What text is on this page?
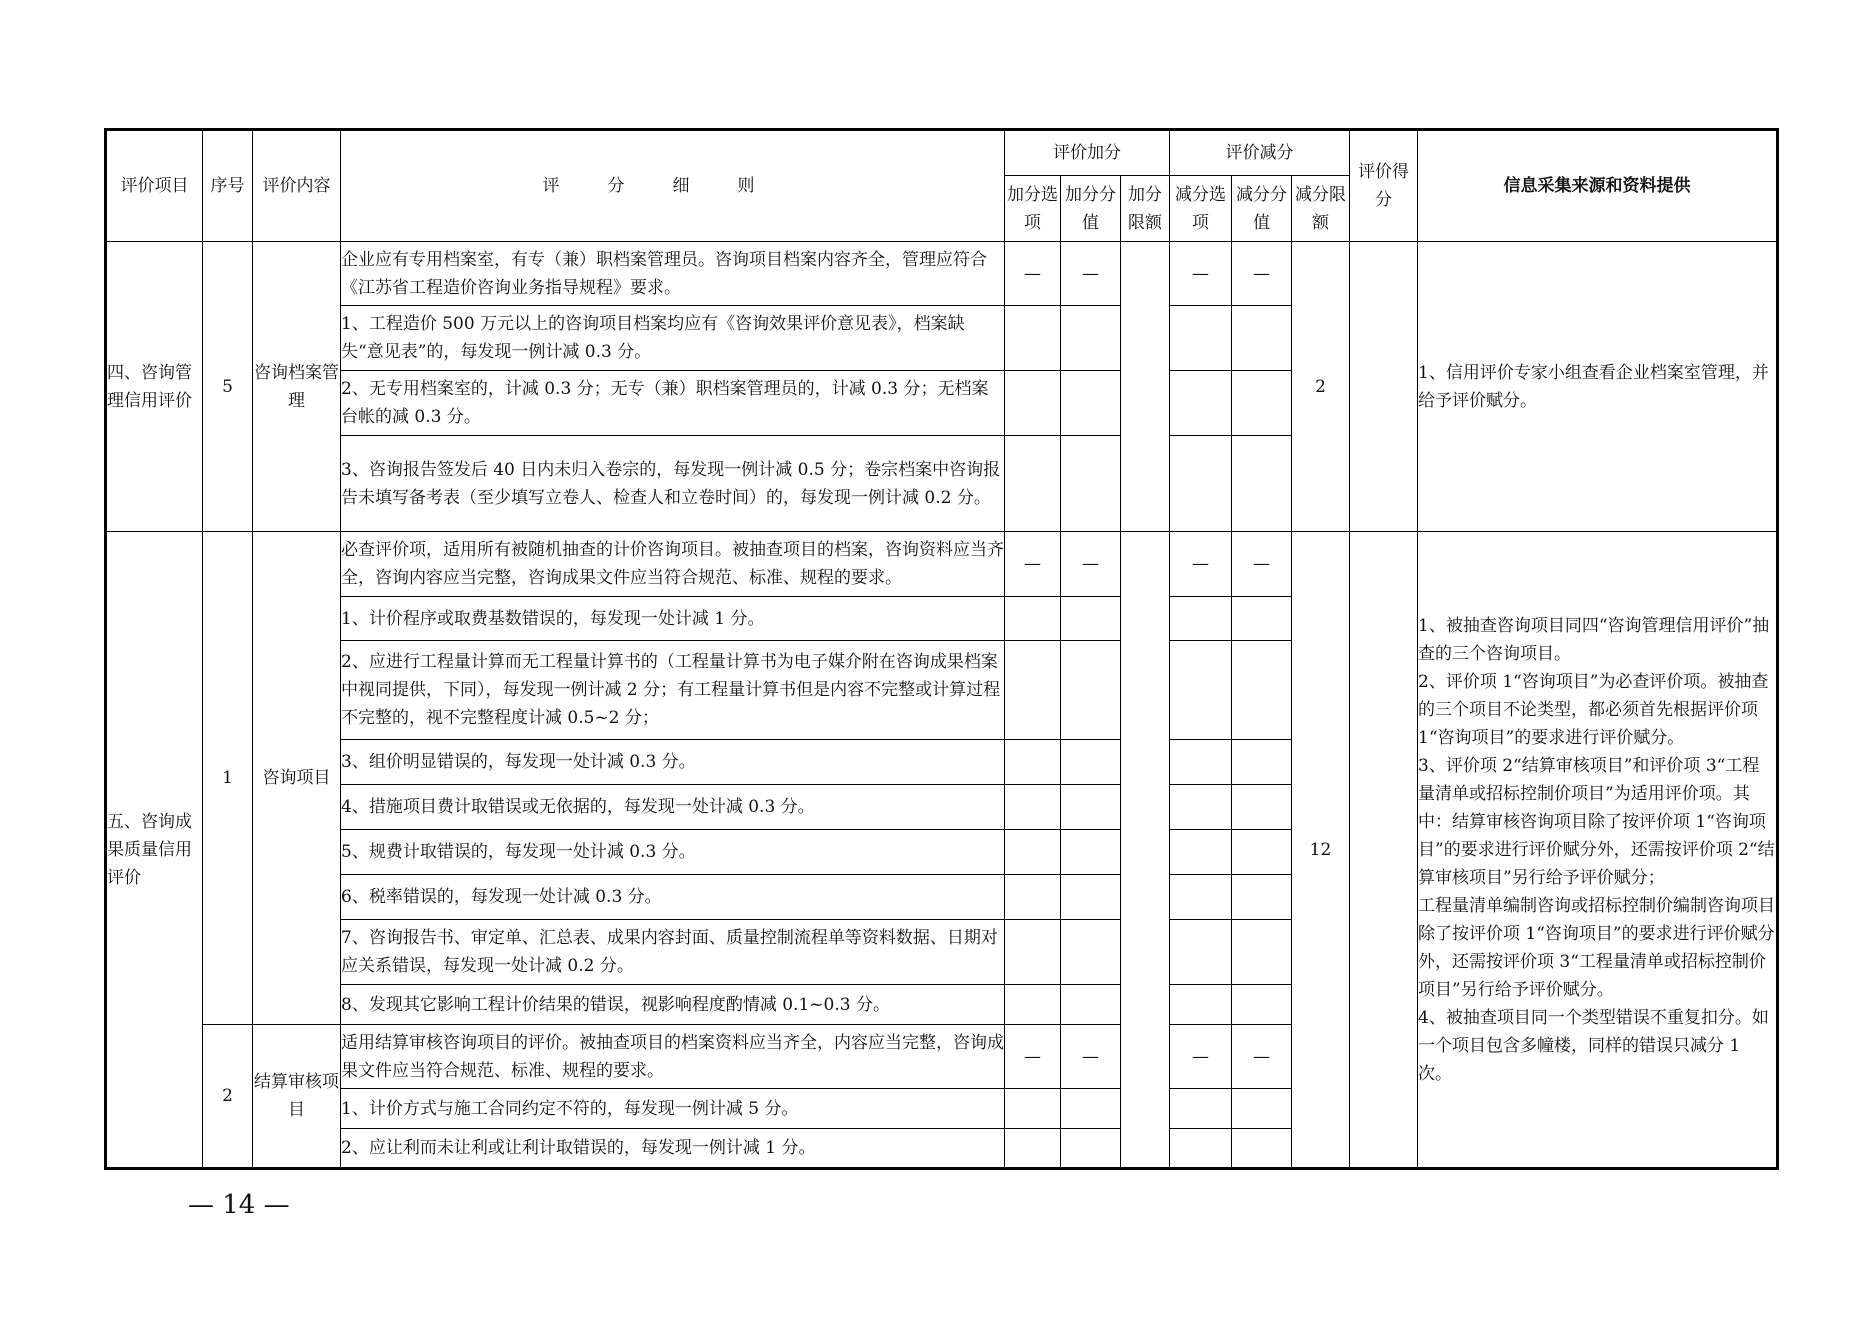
评价项目	序号	评价内容	评分细则	评价加分			评价减分			评价得分	信息采集来源和资料提供
				加分选项	加分分值	加分限额	减分选项	减分分值	减分限额		
四、咨询管理信用评价	5	咨询档案管理	企业应有专用档案室，有专（兼）职档案管理员。咨询项目档案内容齐全，管理应符合《江苏省工程造价咨询业务指导规程》要求。	—	—		—	—	2		1、信用评价专家小组查看企业档案室管理，并给予评价赋分。
			1、工程造价 500 万元以上的咨询项目档案均应有《咨询效果评价意见表》，档案缺失“意见表”的，每发现一例计减 0.3 分。								
			2、无专用档案室的，计减 0.3 分；无专（兼）职档案管理员的，计减 0.3 分；无档案台帐的减 0.3 分。								
			3、咨询报告签发后 40 日内未归入卷宗的，每发现一例计减 0.5 分；卷宗档案中咨询报告未填写备考表（至少填写立卷人、检查人和立卷时间）的，每发现一例计减 0.2 分。								
五、咨询成果质量信用评价	1	咨询项目	必查评价项，适用所有被随机抽查的计价咨询项目。被抽查项目的档案，咨询资料应当齐全，咨询内容应当完整，咨询成果文件应当符合规范、标准、规程的要求。	—	—		—	—	12		1、被抽查咨询项目同四“咨询管理信用评价”抽查的三个咨询项目。
2、评价项 1“咨询项目”为必查评价项。被抽查的三个项目不论类型，都必须首先根据评价项 1“咨询项目”的要求进行评价赋分。
3、评价项 2“结算审核项目”和评价项 3“工程量清单或招标控制价项目”为适用评价项。其中：结算审核咨询项目除了按评价项 1“咨询项目”的要求进行评价赋分外，还需按评价项 2“结算审核项目”另行给予评价赋分；
工程量清单编制咨询或招标控制价编制咨询项目除了按评价项 1“咨询项目”的要求进行评价赋分外，还需按评价项 3“工程量清单或招标控制价项目”另行给予评价赋分。
4、被抽查项目同一个类型错误不重复扣分。如一个项目包含多幢楼，同样的错误只减分 1 次。

			1、计价程序或取费基数错误的，每发现一处计减 1 分。								
			2、应进行工程量计算而无工程量计算书的（工程量计算书为电子媒介附在咨询成果档案中视同提供，下同），每发现一例计减 2 分；有工程量计算书但是内容不完整或计算过程不完整的，视不完整程度计减 0.5~2 分；								
			3、组价明显错误的，每发现一处计减 0.3 分。								
			4、措施项目费计取错误或无依据的，每发现一处计减 0.3 分。								
			5、规费计取错误的，每发现一处计减 0.3 分。								
			6、税率错误的，每发现一处计减 0.3 分。								
			7、咨询报告书、审定单、汇总表、成果内容封面、质量控制流程单等资料数据、日期对应关系错误，每发现一处计减 0.2 分。								
			8、发现其它影响工程计价结果的错误，视影响程度酌情减 0.1~0.3 分。								
	2	结算审核项目	适用结算审核咨询项目的评价。被抽查项目的档案资料应当齐全，内容应当完整，咨询成果文件应当符合规范、标准、规程的要求。	—	—		—	—			
			1、计价方式与施工合同约定不符的，每发现一例计减 5 分。								
			2、应让利而未让利或让利计取错误的，每发现一例计减 1 分。								
— 14 —
